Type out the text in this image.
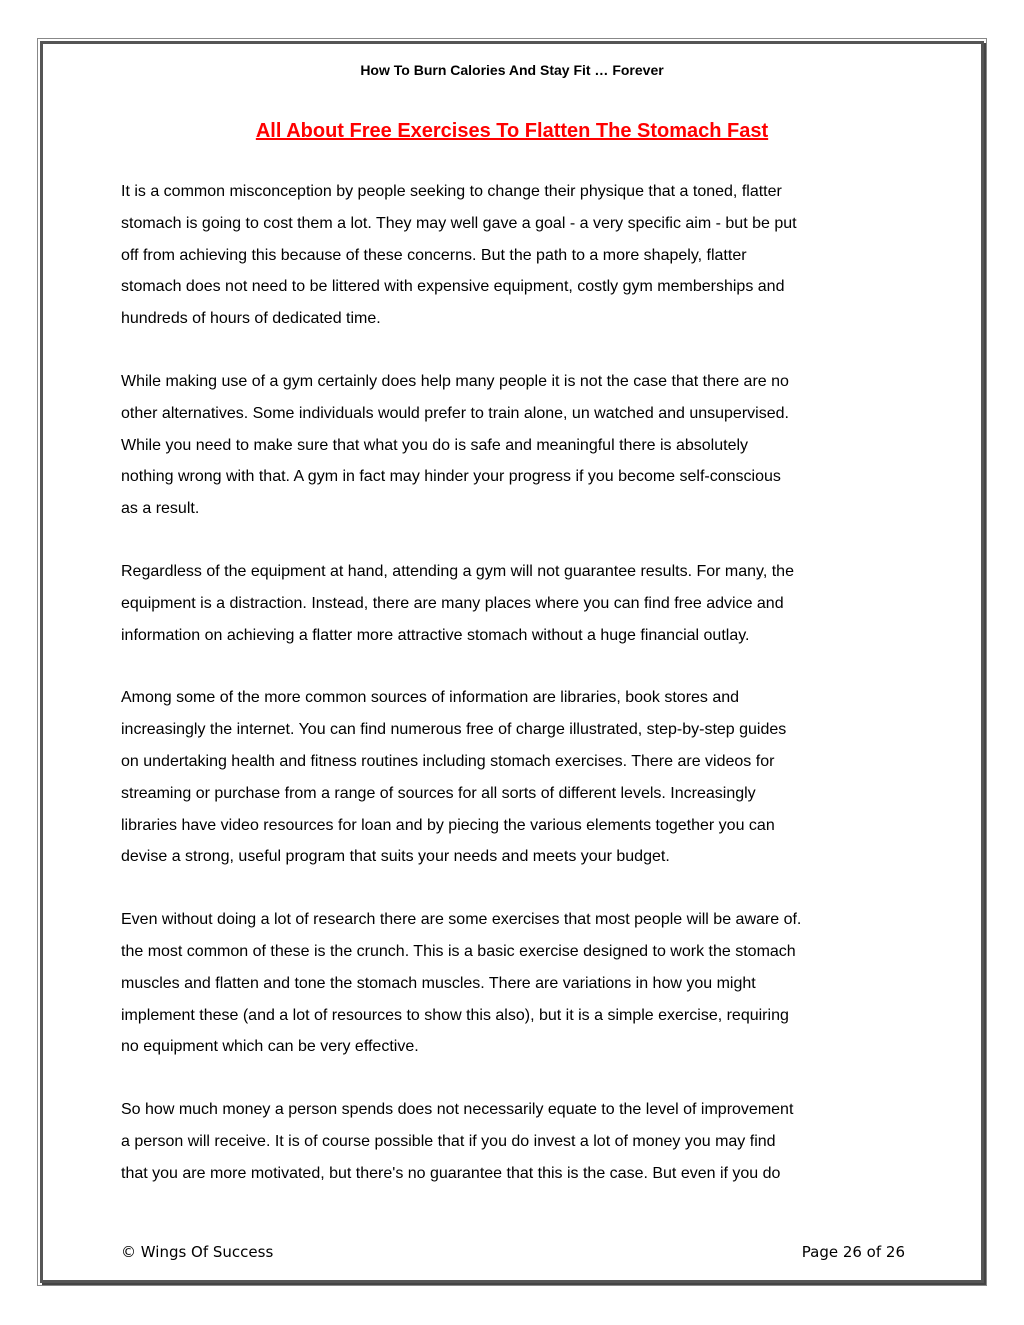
How To Burn Calories And Stay Fit … Forever
All About Free Exercises To Flatten The Stomach Fast

It is a common misconception by people seeking to change their physique that a toned, flatter
stomach is going to cost them a lot. They may well gave a goal - a very specific aim - but be put
off from achieving this because of these concerns. But the path to a more shapely, flatter
stomach does not need to be littered with expensive equipment, costly gym memberships and
hundreds of hours of dedicated time.

While making use of a gym certainly does help many people it is not the case that there are no
other alternatives. Some individuals would prefer to train alone, un watched and unsupervised.
While you need to make sure that what you do is safe and meaningful there is absolutely
nothing wrong with that. A gym in fact may hinder your progress if you become self-conscious
as a result.

Regardless of the equipment at hand, attending a gym will not guarantee results. For many, the
equipment is a distraction. Instead, there are many places where you can find free advice and
information on achieving a flatter more attractive stomach without a huge financial outlay.

Among some of the more common sources of information are libraries, book stores and
increasingly the internet. You can find numerous free of charge illustrated, step-by-step guides
on undertaking health and fitness routines including stomach exercises. There are videos for
streaming or purchase from a range of sources for all sorts of different levels. Increasingly
libraries have video resources for loan and by piecing the various elements together you can
devise a strong, useful program that suits your needs and meets your budget.

Even without doing a lot of research there are some exercises that most people will be aware of.
the most common of these is the crunch. This is a basic exercise designed to work the stomach
muscles and flatten and tone the stomach muscles. There are variations in how you might
implement these (and a lot of resources to show this also), but it is a simple exercise, requiring
no equipment which can be very effective.

So how much money a person spends does not necessarily equate to the level of improvement
a person will receive. It is of course possible that if you do invest a lot of money you may find
that you are more motivated, but there's no guarantee that this is the case. But even if you do

© Wings Of Success	Page 26 of 26
